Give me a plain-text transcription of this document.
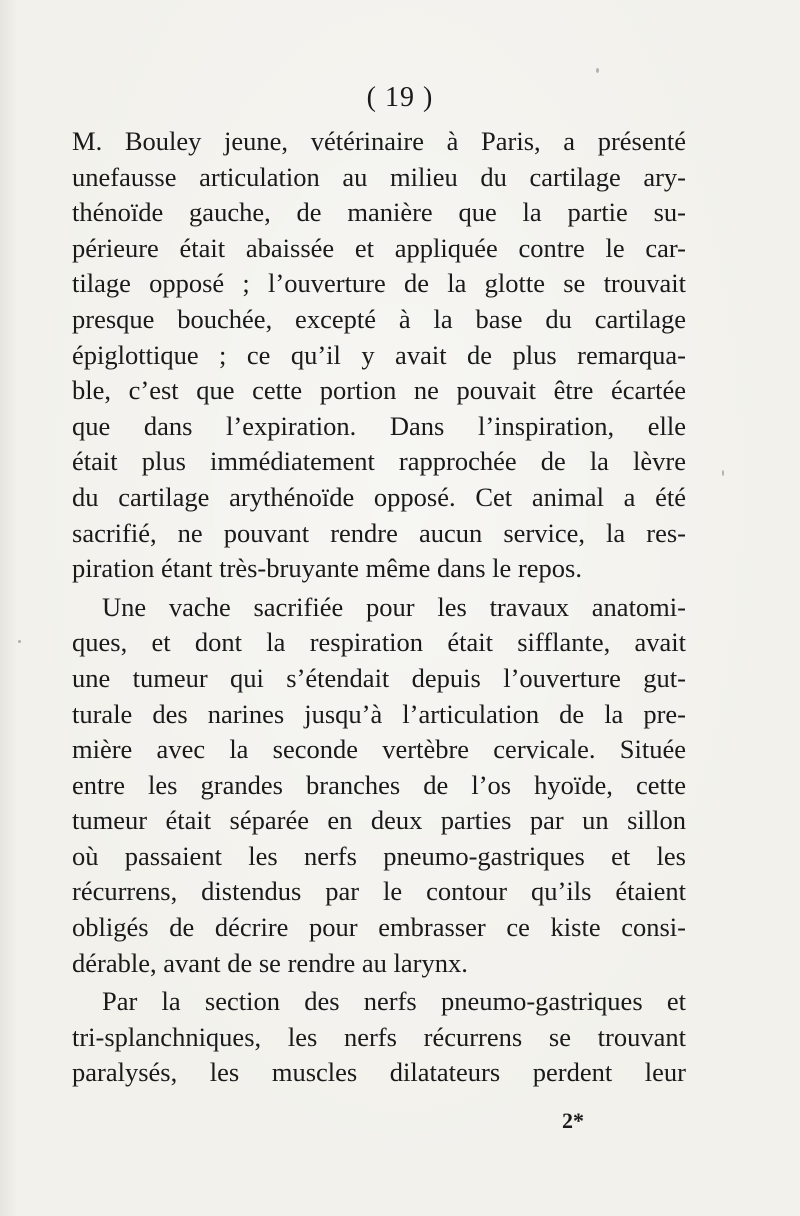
( 19 )
M. Bouley jeune, vétérinaire à Paris, a présenté
unefausse articulation au milieu du cartilage ary-
thénoïde gauche, de manière que la partie su-
périeure était abaissée et appliquée contre le car-
tilage opposé ; l’ouverture de la glotte se trouvait
presque bouchée, excepté à la base du cartilage
épiglottique ; ce qu’il y avait de plus remarqua-
ble, c’est que cette portion ne pouvait être écartée
que dans l’expiration. Dans l’inspiration, elle
était plus immédiatement rapprochée de la lèvre
du cartilage arythénoïde opposé. Cet animal a été
sacrifié, ne pouvant rendre aucun service, la res-
piration étant très-bruyante même dans le repos.
Une vache sacrifiée pour les travaux anatomi-
ques, et dont la respiration était sifflante, avait
une tumeur qui s’étendait depuis l’ouverture gut-
turale des narines jusqu’à l’articulation de la pre-
mière avec la seconde vertèbre cervicale. Située
entre les grandes branches de l’os hyoïde, cette
tumeur était séparée en deux parties par un sillon
où passaient les nerfs pneumo-gastriques et les
récurrens, distendus par le contour qu’ils étaient
obligés de décrire pour embrasser ce kiste consi-
dérable, avant de se rendre au larynx.
Par la section des nerfs pneumo-gastriques et
tri-splanchniques, les nerfs récurrens se trouvant
paralysés, les muscles dilatateurs perdent leur
2*
